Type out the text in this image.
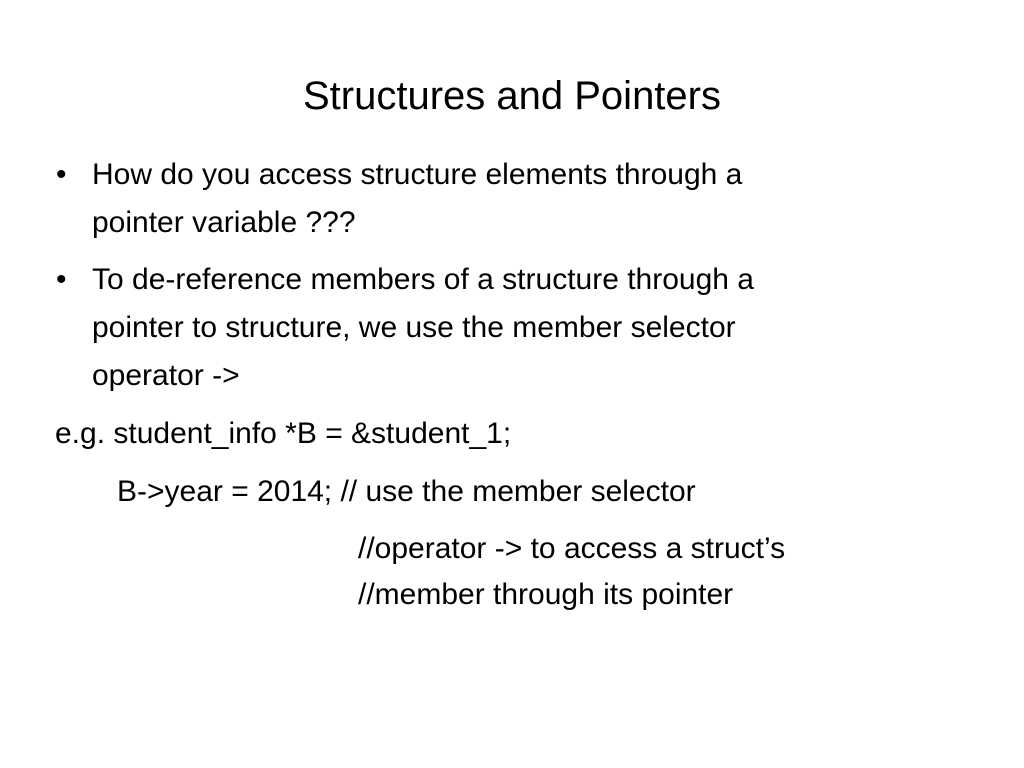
Structures and Pointers
• How do you access structure elements through a
pointer variable ???
• To de-reference members of a structure through a
pointer to structure, we use the member selector
operator ->
e.g. student_info *B = &student_1;
B->year = 2014; // use the member selector
//operator -> to access a struct’s
//member through its pointer
